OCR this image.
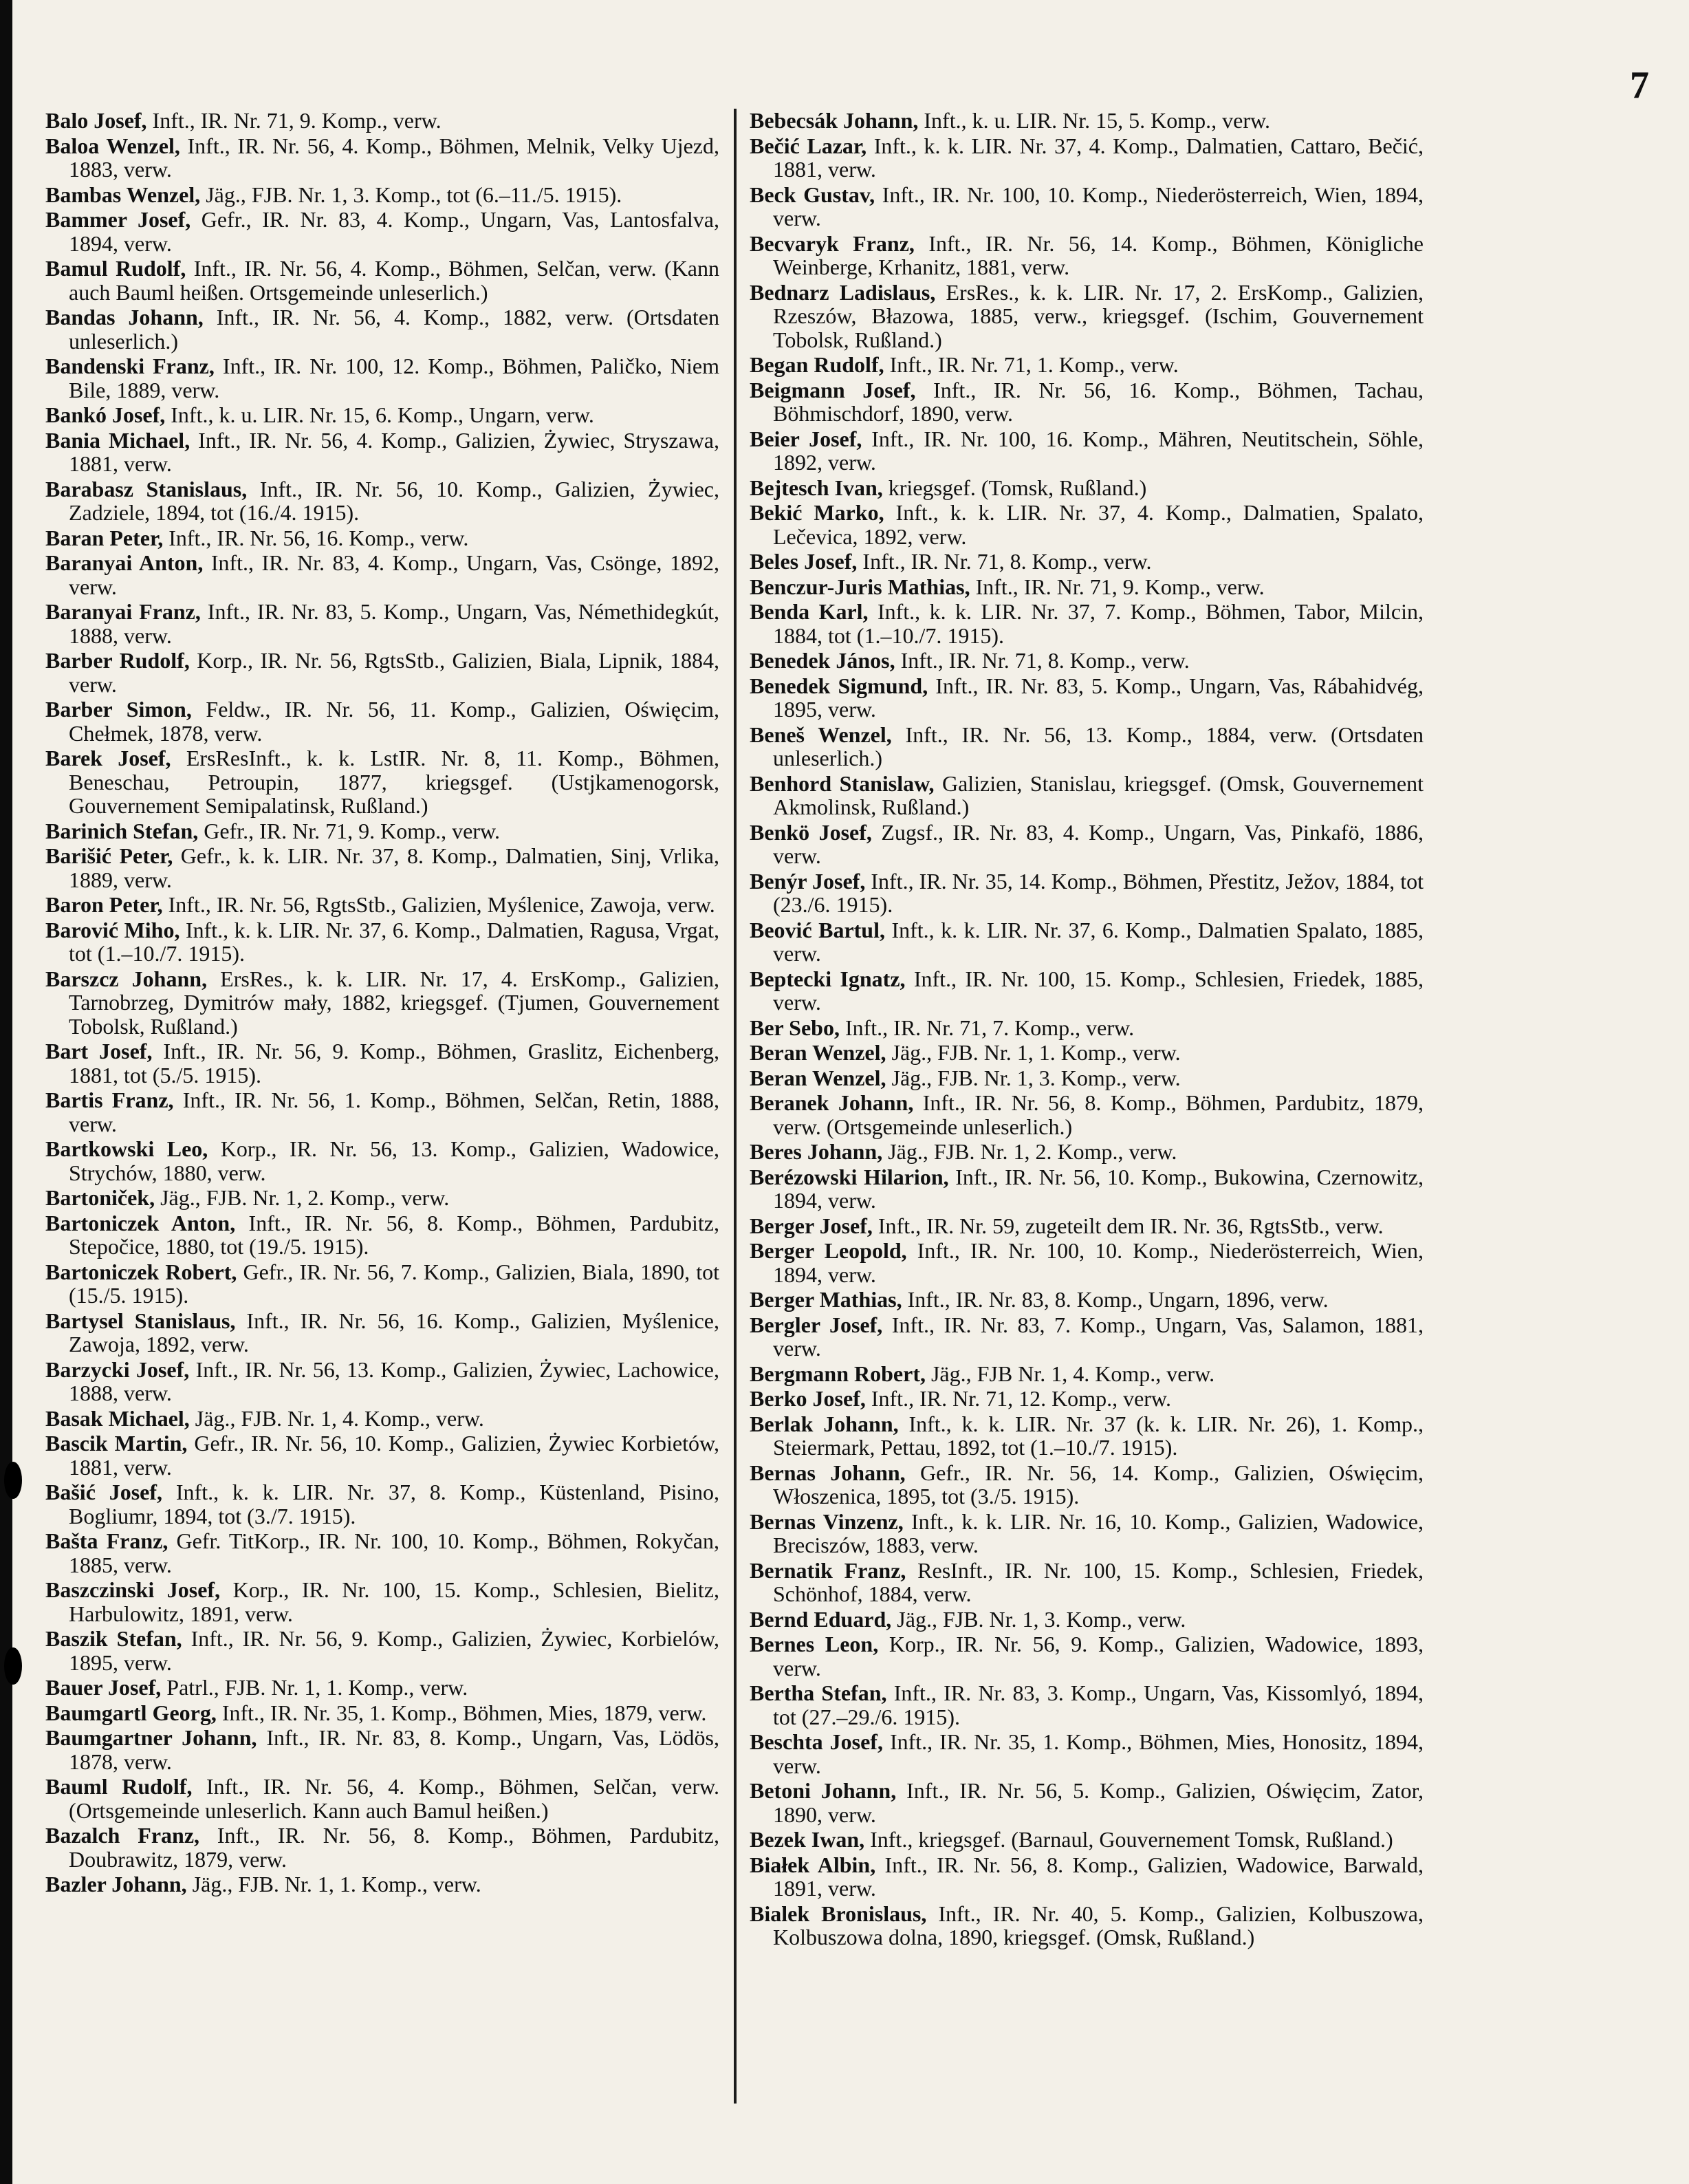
7

Balo Josef, Inft., IR. Nr. 71, 9. Komp., verw.

Baloa Wenzel, Inft., IR. Nr. 56, 4. Komp., Böhmen, Melnik, Velky Ujezd, 1883, verw.

Bambas Wenzel, Jäg., FJB. Nr. 1, 3. Komp., tot (6.–11./5. 1915).

Bammer Josef, Gefr., IR. Nr. 83, 4. Komp., Ungarn, Vas, Lantosfalva, 1894, verw.

Bamul Rudolf, Inft., IR. Nr. 56, 4. Komp., Böhmen, Selčan, verw. (Kann auch Bauml heißen. Ortsgemeinde unleserlich.)

Bandas Johann, Inft., IR. Nr. 56, 4. Komp., 1882, verw. (Ortsdaten unleserlich.)

Bandenski Franz, Inft., IR. Nr. 100, 12. Komp., Böhmen, Paličko, Niem Bile, 1889, verw.

Bankó Josef, Inft., k. u. LIR. Nr. 15, 6. Komp., Ungarn, verw.

Bania Michael, Inft., IR. Nr. 56, 4. Komp., Galizien, Żywiec, Stryszawa, 1881, verw.

Barabasz Stanislaus, Inft., IR. Nr. 56, 10. Komp., Galizien, Żywiec, Zadziele, 1894, tot (16./4. 1915).

Baran Peter, Inft., IR. Nr. 56, 16. Komp., verw.

Baranyai Anton, Inft., IR. Nr. 83, 4. Komp., Ungarn, Vas, Csönge, 1892, verw.

Baranyai Franz, Inft., IR. Nr. 83, 5. Komp., Ungarn, Vas, Némethidegkút, 1888, verw.

Barber Rudolf, Korp., IR. Nr. 56, RgtsStb., Galizien, Biala, Lipnik, 1884, verw.

Barber Simon, Feldw., IR. Nr. 56, 11. Komp., Galizien, Oświęcim, Chełmek, 1878, verw.

Barek Josef, ErsResInft., k. k. LstIR. Nr. 8, 11. Komp., Böhmen, Beneschau, Petroupin, 1877, kriegsgef. (Ustjkamenogorsk, Gouvernement Semipalatinsk, Rußland.)

Barinich Stefan, Gefr., IR. Nr. 71, 9. Komp., verw.

Barišić Peter, Gefr., k. k. LIR. Nr. 37, 8. Komp., Dalmatien, Sinj, Vrlika, 1889, verw.

Baron Peter, Inft., IR. Nr. 56, RgtsStb., Galizien, Myślenice, Zawoja, verw.

Barović Miho, Inft., k. k. LIR. Nr. 37, 6. Komp., Dalmatien, Ragusa, Vrgat, tot (1.–10./7. 1915).

Barszcz Johann, ErsRes., k. k. LIR. Nr. 17, 4. ErsKomp., Galizien, Tarnobrzeg, Dymitrów mały, 1882, kriegsgef. (Tjumen, Gouvernement Tobolsk, Rußland.)

Bart Josef, Inft., IR. Nr. 56, 9. Komp., Böhmen, Graslitz, Eichenberg, 1881, tot (5./5. 1915).

Bartis Franz, Inft., IR. Nr. 56, 1. Komp., Böhmen, Selčan, Retin, 1888, verw.

Bartkowski Leo, Korp., IR. Nr. 56, 13. Komp., Galizien, Wadowice, Strychów, 1880, verw.

Bartoniček, Jäg., FJB. Nr. 1, 2. Komp., verw.

Bartoniczek Anton, Inft., IR. Nr. 56, 8. Komp., Böhmen, Pardubitz, Stepočice, 1880, tot (19./5. 1915).

Bartoniczek Robert, Gefr., IR. Nr. 56, 7. Komp., Galizien, Biala, 1890, tot (15./5. 1915).

Bartysel Stanislaus, Inft., IR. Nr. 56, 16. Komp., Galizien, Myślenice, Zawoja, 1892, verw.

Barzycki Josef, Inft., IR. Nr. 56, 13. Komp., Galizien, Żywiec, Lachowice, 1888, verw.

Basak Michael, Jäg., FJB. Nr. 1, 4. Komp., verw.

Bascik Martin, Gefr., IR. Nr. 56, 10. Komp., Galizien, Żywiec Korbietów, 1881, verw.

Bašić Josef, Inft., k. k. LIR. Nr. 37, 8. Komp., Küstenland, Pisino, Bogliumr, 1894, tot (3./7. 1915).

Bašta Franz, Gefr. TitKorp., IR. Nr. 100, 10. Komp., Böhmen, Rokyčan, 1885, verw.

Baszczinski Josef, Korp., IR. Nr. 100, 15. Komp., Schlesien, Bielitz, Harbulowitz, 1891, verw.

Baszik Stefan, Inft., IR. Nr. 56, 9. Komp., Galizien, Żywiec, Korbielów, 1895, verw.

Bauer Josef, Patrl., FJB. Nr. 1, 1. Komp., verw.

Baumgartl Georg, Inft., IR. Nr. 35, 1. Komp., Böhmen, Mies, 1879, verw.

Baumgartner Johann, Inft., IR. Nr. 83, 8. Komp., Ungarn, Vas, Lödös, 1878, verw.

Bauml Rudolf, Inft., IR. Nr. 56, 4. Komp., Böhmen, Selčan, verw. (Ortsgemeinde unleserlich. Kann auch Bamul heißen.)

Bazalch Franz, Inft., IR. Nr. 56, 8. Komp., Böhmen, Pardubitz, Doubrawitz, 1879, verw.

Bazler Johann, Jäg., FJB. Nr. 1, 1. Komp., verw.

Bebecsák Johann, Inft., k. u. LIR. Nr. 15, 5. Komp., verw.

Bečić Lazar, Inft., k. k. LIR. Nr. 37, 4. Komp., Dalmatien, Cattaro, Bečić, 1881, verw.

Beck Gustav, Inft., IR. Nr. 100, 10. Komp., Niederösterreich, Wien, 1894, verw.

Becvaryk Franz, Inft., IR. Nr. 56, 14. Komp., Böhmen, Königliche Weinberge, Krhanitz, 1881, verw.

Bednarz Ladislaus, ErsRes., k. k. LIR. Nr. 17, 2. ErsKomp., Galizien, Rzeszów, Błazowa, 1885, verw., kriegsgef. (Ischim, Gouvernement Tobolsk, Rußland.)

Began Rudolf, Inft., IR. Nr. 71, 1. Komp., verw.

Beigmann Josef, Inft., IR. Nr. 56, 16. Komp., Böhmen, Tachau, Böhmischdorf, 1890, verw.

Beier Josef, Inft., IR. Nr. 100, 16. Komp., Mähren, Neutitschein, Söhle, 1892, verw.

Bejtesch Ivan, kriegsgef. (Tomsk, Rußland.)

Bekić Marko, Inft., k. k. LIR. Nr. 37, 4. Komp., Dalmatien, Spalato, Lečevica, 1892, verw.

Beles Josef, Inft., IR. Nr. 71, 8. Komp., verw.

Benczur-Juris Mathias, Inft., IR. Nr. 71, 9. Komp., verw.

Benda Karl, Inft., k. k. LIR. Nr. 37, 7. Komp., Böhmen, Tabor, Milcin, 1884, tot (1.–10./7. 1915).

Benedek János, Inft., IR. Nr. 71, 8. Komp., verw.

Benedek Sigmund, Inft., IR. Nr. 83, 5. Komp., Ungarn, Vas, Rábahidvég, 1895, verw.

Beneš Wenzel, Inft., IR. Nr. 56, 13. Komp., 1884, verw. (Ortsdaten unleserlich.)

Benhord Stanislaw, Galizien, Stanislau, kriegsgef. (Omsk, Gouvernement Akmolinsk, Rußland.)

Benkö Josef, Zugsf., IR. Nr. 83, 4. Komp., Ungarn, Vas, Pinkafö, 1886, verw.

Benýr Josef, Inft., IR. Nr. 35, 14. Komp., Böhmen, Přestitz, Ježov, 1884, tot (23./6. 1915).

Beović Bartul, Inft., k. k. LIR. Nr. 37, 6. Komp., Dalmatien Spalato, 1885, verw.

Beptecki Ignatz, Inft., IR. Nr. 100, 15. Komp., Schlesien, Friedek, 1885, verw.

Ber Sebo, Inft., IR. Nr. 71, 7. Komp., verw.

Beran Wenzel, Jäg., FJB. Nr. 1, 1. Komp., verw.

Beran Wenzel, Jäg., FJB. Nr. 1, 3. Komp., verw.

Beranek Johann, Inft., IR. Nr. 56, 8. Komp., Böhmen, Pardubitz, 1879, verw. (Ortsgemeinde unleserlich.)

Beres Johann, Jäg., FJB. Nr. 1, 2. Komp., verw.

Berézowski Hilarion, Inft., IR. Nr. 56, 10. Komp., Bukowina, Czernowitz, 1894, verw.

Berger Josef, Inft., IR. Nr. 59, zugeteilt dem IR. Nr. 36, RgtsStb., verw.

Berger Leopold, Inft., IR. Nr. 100, 10. Komp., Niederösterreich, Wien, 1894, verw.

Berger Mathias, Inft., IR. Nr. 83, 8. Komp., Ungarn, 1896, verw.

Bergler Josef, Inft., IR. Nr. 83, 7. Komp., Ungarn, Vas, Salamon, 1881, verw.

Bergmann Robert, Jäg., FJB Nr. 1, 4. Komp., verw.

Berko Josef, Inft., IR. Nr. 71, 12. Komp., verw.

Berlak Johann, Inft., k. k. LIR. Nr. 37 (k. k. LIR. Nr. 26), 1. Komp., Steiermark, Pettau, 1892, tot (1.–10./7. 1915).

Bernas Johann, Gefr., IR. Nr. 56, 14. Komp., Galizien, Oświęcim, Włoszenica, 1895, tot (3./5. 1915).

Bernas Vinzenz, Inft., k. k. LIR. Nr. 16, 10. Komp., Galizien, Wadowice, Breciszów, 1883, verw.

Bernatik Franz, ResInft., IR. Nr. 100, 15. Komp., Schlesien, Friedek, Schönhof, 1884, verw.

Bernd Eduard, Jäg., FJB. Nr. 1, 3. Komp., verw.

Bernes Leon, Korp., IR. Nr. 56, 9. Komp., Galizien, Wadowice, 1893, verw.

Bertha Stefan, Inft., IR. Nr. 83, 3. Komp., Ungarn, Vas, Kissomlyó, 1894, tot (27.–29./6. 1915).

Beschta Josef, Inft., IR. Nr. 35, 1. Komp., Böhmen, Mies, Honositz, 1894, verw.

Betoni Johann, Inft., IR. Nr. 56, 5. Komp., Galizien, Oświęcim, Zator, 1890, verw.

Bezek Iwan, Inft., kriegsgef. (Barnaul, Gouvernement Tomsk, Rußland.)

Białek Albin, Inft., IR. Nr. 56, 8. Komp., Galizien, Wadowice, Barwald, 1891, verw.

Bialek Bronislaus, Inft., IR. Nr. 40, 5. Komp., Galizien, Kolbuszowa, Kolbuszowa dolna, 1890, kriegsgef. (Omsk, Rußland.)
